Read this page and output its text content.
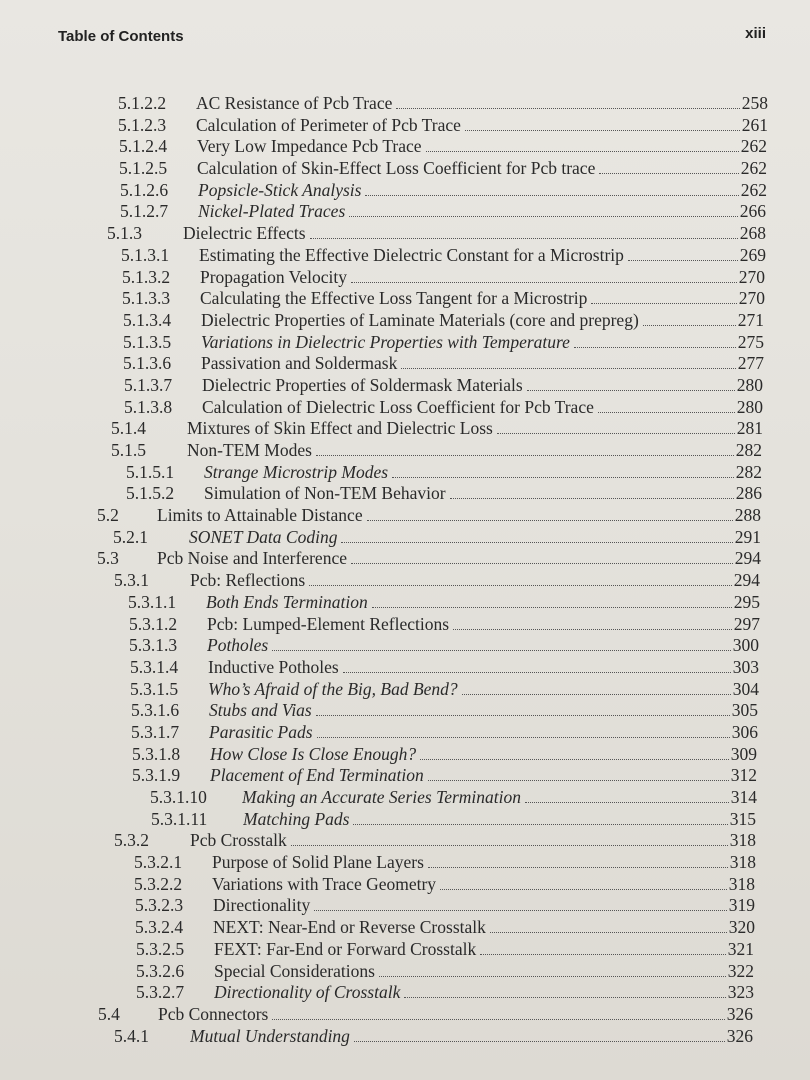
Table of Contents	xiii
5.1.2.2	AC Resistance of Pcb Trace	258
5.1.2.3	Calculation of Perimeter of Pcb Trace	261
5.1.2.4	Very Low Impedance Pcb Trace	262
5.1.2.5	Calculation of Skin-Effect Loss Coefficient for Pcb trace	262
5.1.2.6	Popsicle-Stick Analysis	262
5.1.2.7	Nickel-Plated Traces	266
5.1.3	Dielectric Effects	268
5.1.3.1	Estimating the Effective Dielectric Constant for a Microstrip	269
5.1.3.2	Propagation Velocity	270
5.1.3.3	Calculating the Effective Loss Tangent for a Microstrip	270
5.1.3.4	Dielectric Properties of Laminate Materials (core and prepreg)	271
5.1.3.5	Variations in Dielectric Properties with Temperature	275
5.1.3.6	Passivation and Soldermask	277
5.1.3.7	Dielectric Properties of Soldermask Materials	280
5.1.3.8	Calculation of Dielectric Loss Coefficient for Pcb Trace	280
5.1.4	Mixtures of Skin Effect and Dielectric Loss	281
5.1.5	Non-TEM Modes	282
5.1.5.1	Strange Microstrip Modes	282
5.1.5.2	Simulation of Non-TEM Behavior	286
5.2	Limits to Attainable Distance	288
5.2.1	SONET Data Coding	291
5.3	Pcb Noise and Interference	294
5.3.1	Pcb: Reflections	294
5.3.1.1	Both Ends Termination	295
5.3.1.2	Pcb: Lumped-Element Reflections	297
5.3.1.3	Potholes	300
5.3.1.4	Inductive Potholes	303
5.3.1.5	Who’s Afraid of the Big, Bad Bend?	304
5.3.1.6	Stubs and Vias	305
5.3.1.7	Parasitic Pads	306
5.3.1.8	How Close Is Close Enough?	309
5.3.1.9	Placement of End Termination	312
5.3.1.10	Making an Accurate Series Termination	314
5.3.1.11	Matching Pads	315
5.3.2	Pcb Crosstalk	318
5.3.2.1	Purpose of Solid Plane Layers	318
5.3.2.2	Variations with Trace Geometry	318
5.3.2.3	Directionality	319
5.3.2.4	NEXT: Near-End or Reverse Crosstalk	320
5.3.2.5	FEXT: Far-End or Forward Crosstalk	321
5.3.2.6	Special Considerations	322
5.3.2.7	Directionality of Crosstalk	323
5.4	Pcb Connectors	326
5.4.1	Mutual Understanding	326
